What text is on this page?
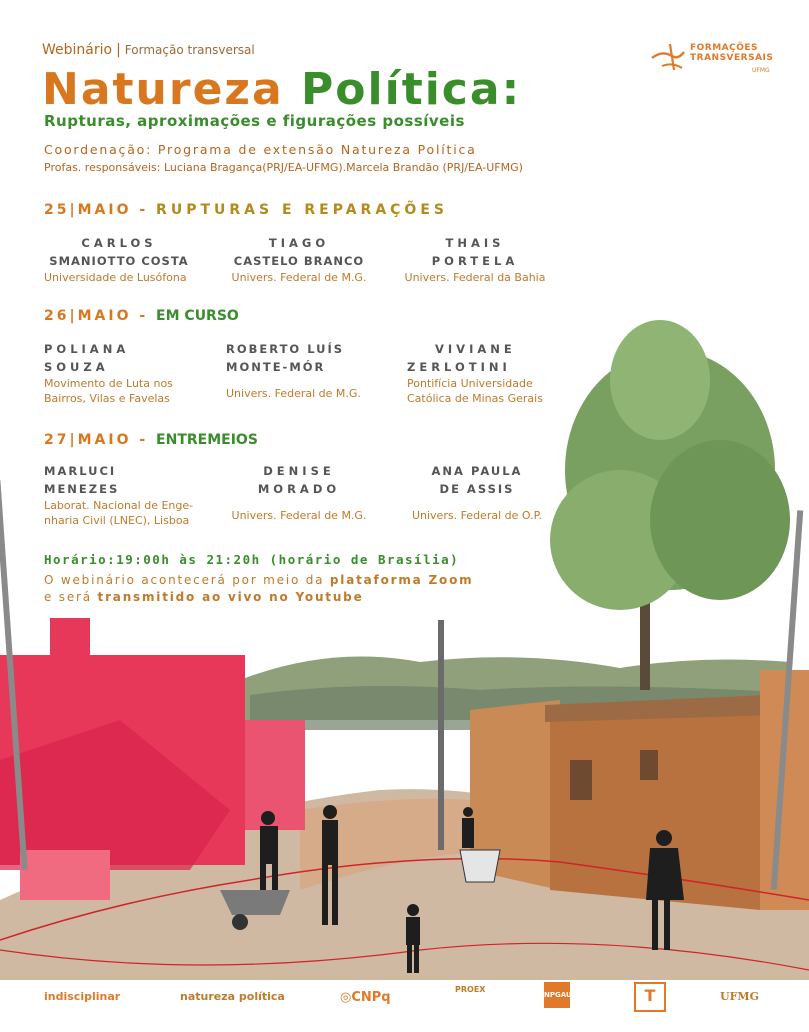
Webinário | Formação transversal	FORMAÇÕES
TRANSVERSAIS
UFMG
Natureza Política:
Rupturas, aproximações e figurações possíveis
Coordenação: Programa de extensão Natureza Política
Profas. responsáveis: Luciana Bragança(PRJ/EA-UFMG).Marcela Brandão (PRJ/EA-UFMG)
25|MAIO - RUPTURAS E REPARAÇÕES
CARLOS
SMANIOTTO COSTA
Universidade de Lusófona
TIAGO
CASTELO BRANCO
Univers. Federal de M.G.
THAIS
PORTELA
Univers. Federal da Bahia
26|MAIO - EM CURSO
POLIANA
SOUZA
Movimento de Luta nos
Bairros, Vilas e Favelas
ROBERTO LUÍS
MONTE-MÓR
Univers. Federal de M.G.
VIVIANE
ZERLOTINI
Pontifícia Universidade
Católica de Minas Gerais
27|MAIO - ENTREMEIOS
MARLUCI
MENEZES
Laborat. Nacional de Enge-
nharia Civil (LNEC), Lisboa
DENISE
MORADO
Univers. Federal de M.G.
ANA PAULA
DE ASSIS
Univers. Federal de O.P.
Horário:19:00h às 21:20h (horário de Brasília)
O webinário acontecerá por meio da plataforma Zoom
e será transmitido ao vivo no Youtube
indisciplinar	natureza política	◎CNPq
PROEX
NPGAU	T	UFMG
